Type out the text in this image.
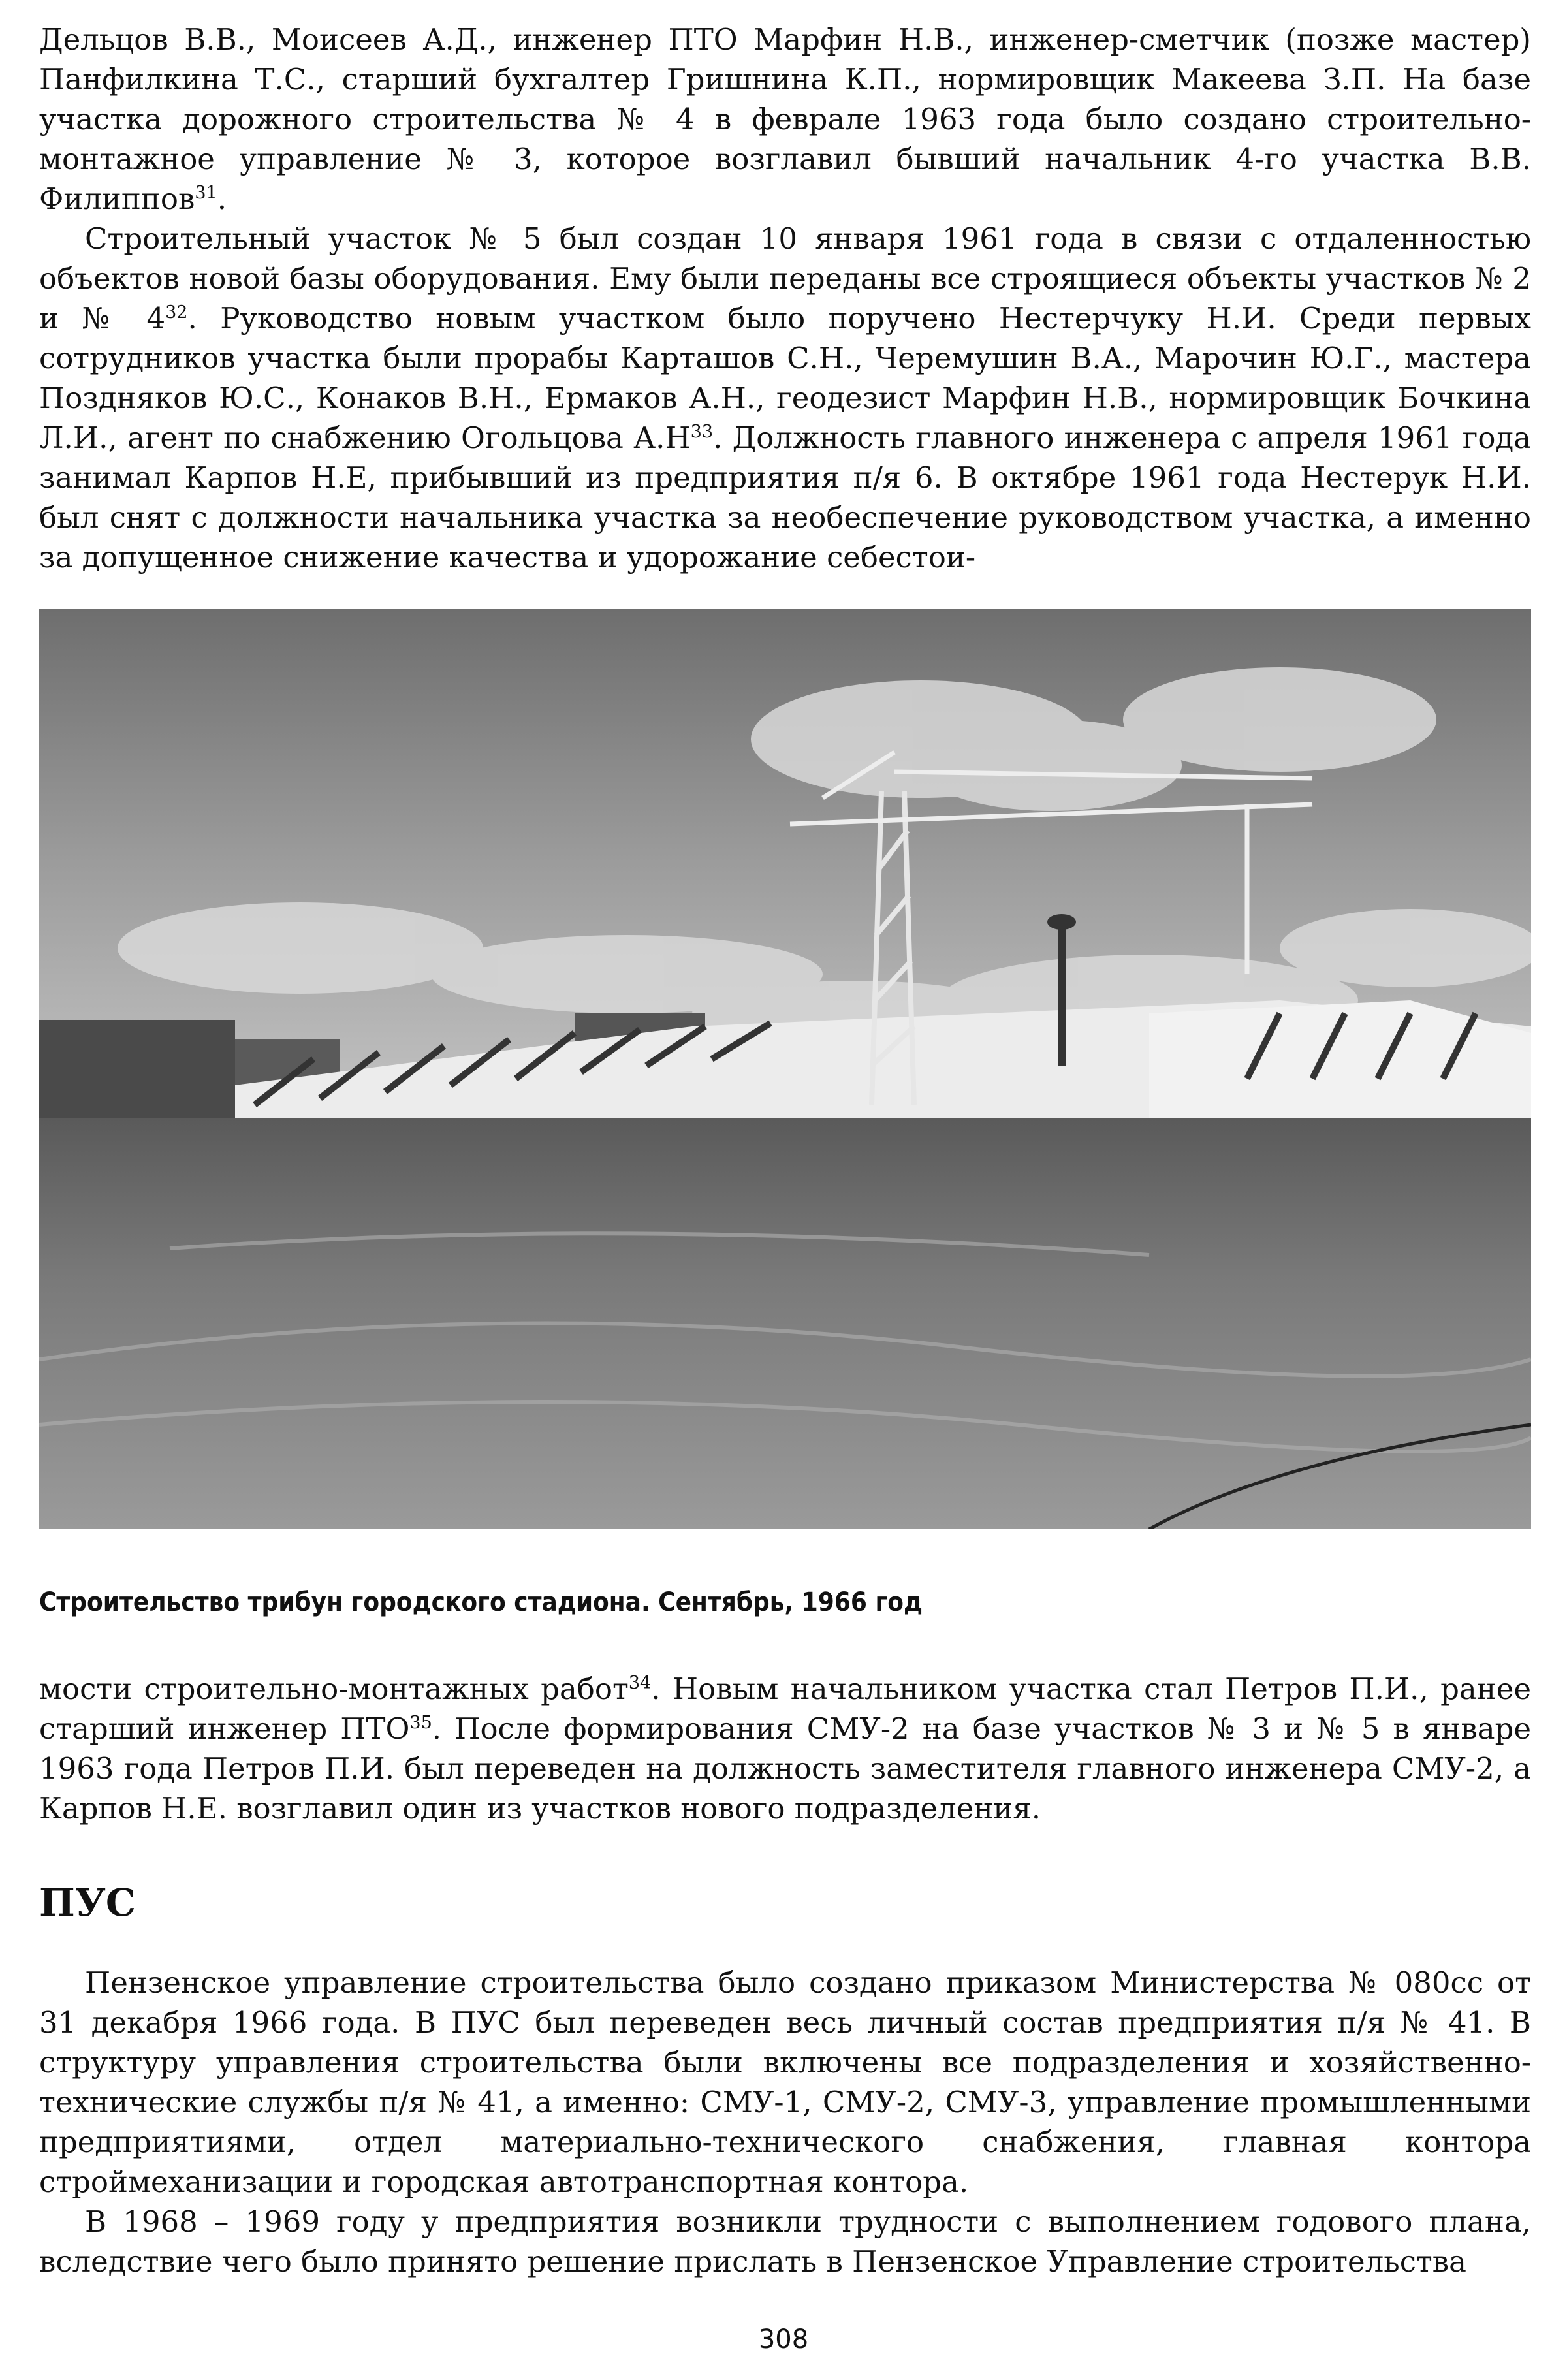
Дельцов В.В., Моисеев А.Д., инженер ПТО Марфин Н.В., инженер-сметчик (позже мастер) Панфилкина Т.С., старший бухгалтер Гришнина К.П., нормировщик Макеева З.П. На базе участка дорожного строительства № 4 в феврале 1963 года было создано строительно-монтажное управление № 3, которое возглавил бывший начальник 4-го участка В.В. Филиппов$^{31}$.

Строительный участок № 5 был создан 10 января 1961 года в связи с отдаленностью объектов новой базы оборудования. Ему были переданы все строящиеся объекты участков № 2 и № $4^{32}$. Руководство новым участком было поручено Нестерчуку Н.И. Среди первых сотрудников участка были прорабы Карташов С.Н., Черемушин В.А., Марочин Ю.Г., мастера Поздняков Ю.С., Конаков В.Н., Ермаков А.Н., геодезист Марфин Н.В., нормировщик Бочкина Л.И., агент по снабжению Огольцова $А.Н^{33}$. Должность главного инженера с апреля 1961 года занимал Карпов Н.Е, прибывший из предприятия п/я 6. В октябре 1961 года Нестерук Н.И. был снят с должности начальника участка за необеспечение руководством участка, а именно за допущенное снижение качества и удорожание себестои-

Строительство трибун городского стадиона. Сентябрь, 1966 год

мости строительно-монтажных работ$^{34}$. Новым начальником участка стал Петров П.И., ранее старший инженер ПТО$^{35}$. После формирования СМУ-2 на базе участков № 3 и № 5 в январе 1963 года Петров П.И. был переведен на должность заместителя главного инженера СМУ-2, а Карпов Н.Е. возглавил один из участков нового подразделения.

ПУС

Пензенское управление строительства было создано приказом Министерства № 080сс от 31 декабря 1966 года. В ПУС был переведен весь личный состав предприятия п/я № 41. В структуру управления строительства были включены все подразделения и хозяйственно-технические службы п/я № 41, а именно: СМУ-1, СМУ-2, СМУ-3, управление промышленными предприятиями, отдел материально-технического снабжения, главная контора строймеханизации и городская автотранспортная контора.

В 1968 – 1969 году у предприятия возникли трудности с выполнением годового плана, вследствие чего было принято решение прислать в Пензенское Управление строительства

308
